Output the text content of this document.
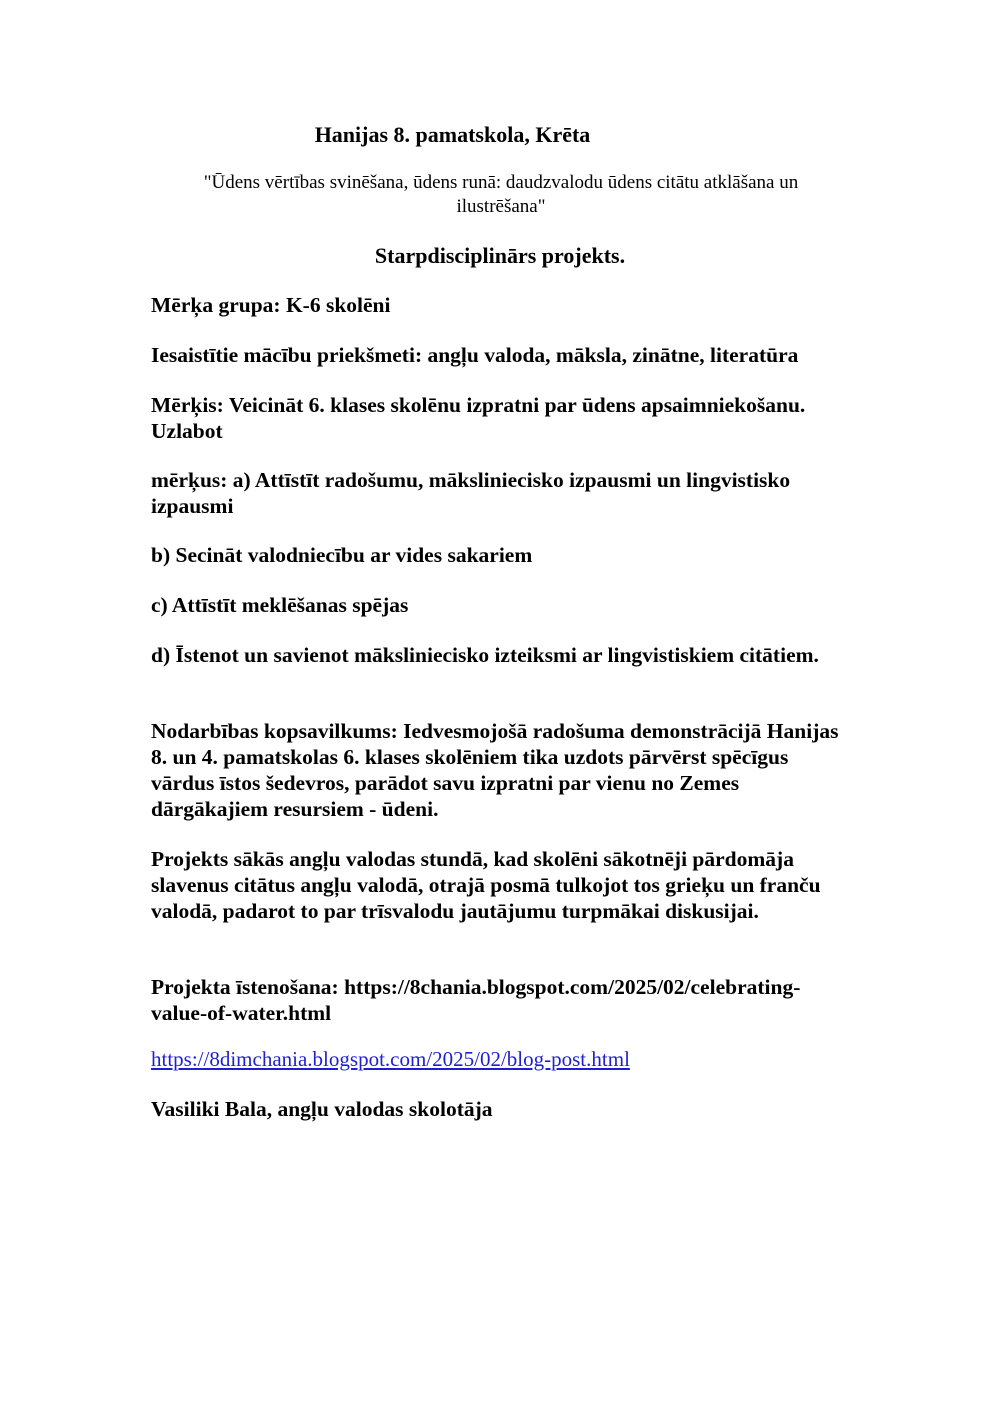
Hanijas 8. pamatskola, Krēta

"Ūdens vērtības svinēšana, ūdens runā: daudzvalodu ūdens citātu atklāšana un ilustrēšana"

Starpdisciplinārs projekts.

Mērķa grupa: K-6 skolēni

Iesaistītie mācību priekšmeti: angļu valoda, māksla, zinātne, literatūra

Mērķis: Veicināt 6. klases skolēnu izpratni par ūdens apsaimniekošanu. Uzlabot

mērķus: a) Attīstīt radošumu, māksliniecisko izpausmi un lingvistisko izpausmi

b) Secināt valodniecību ar vides sakariem

c) Attīstīt meklēšanas spējas

d) Īstenot un savienot māksliniecisko izteiksmi ar lingvistiskiem citātiem.

Nodarbības kopsavilkums: Iedvesmojošā radošuma demonstrācijā Hanijas 8. un 4. pamatskolas 6. klases skolēniem tika uzdots pārvērst spēcīgus vārdus īstos šedevros, parādot savu izpratni par vienu no Zemes dārgākajiem resursiem - ūdeni.

Projekts sākās angļu valodas stundā, kad skolēni sākotnēji pārdomāja slavenus citātus angļu valodā, otrajā posmā tulkojot tos grieķu un franču valodā, padarot to par trīsvalodu jautājumu turpmākai diskusijai.

Projekta īstenošana: https://8chania.blogspot.com/2025/02/celebrating-value-of-water.html

https://8dimchania.blogspot.com/2025/02/blog-post.html

Vasiliki Bala, angļu valodas skolotāja
